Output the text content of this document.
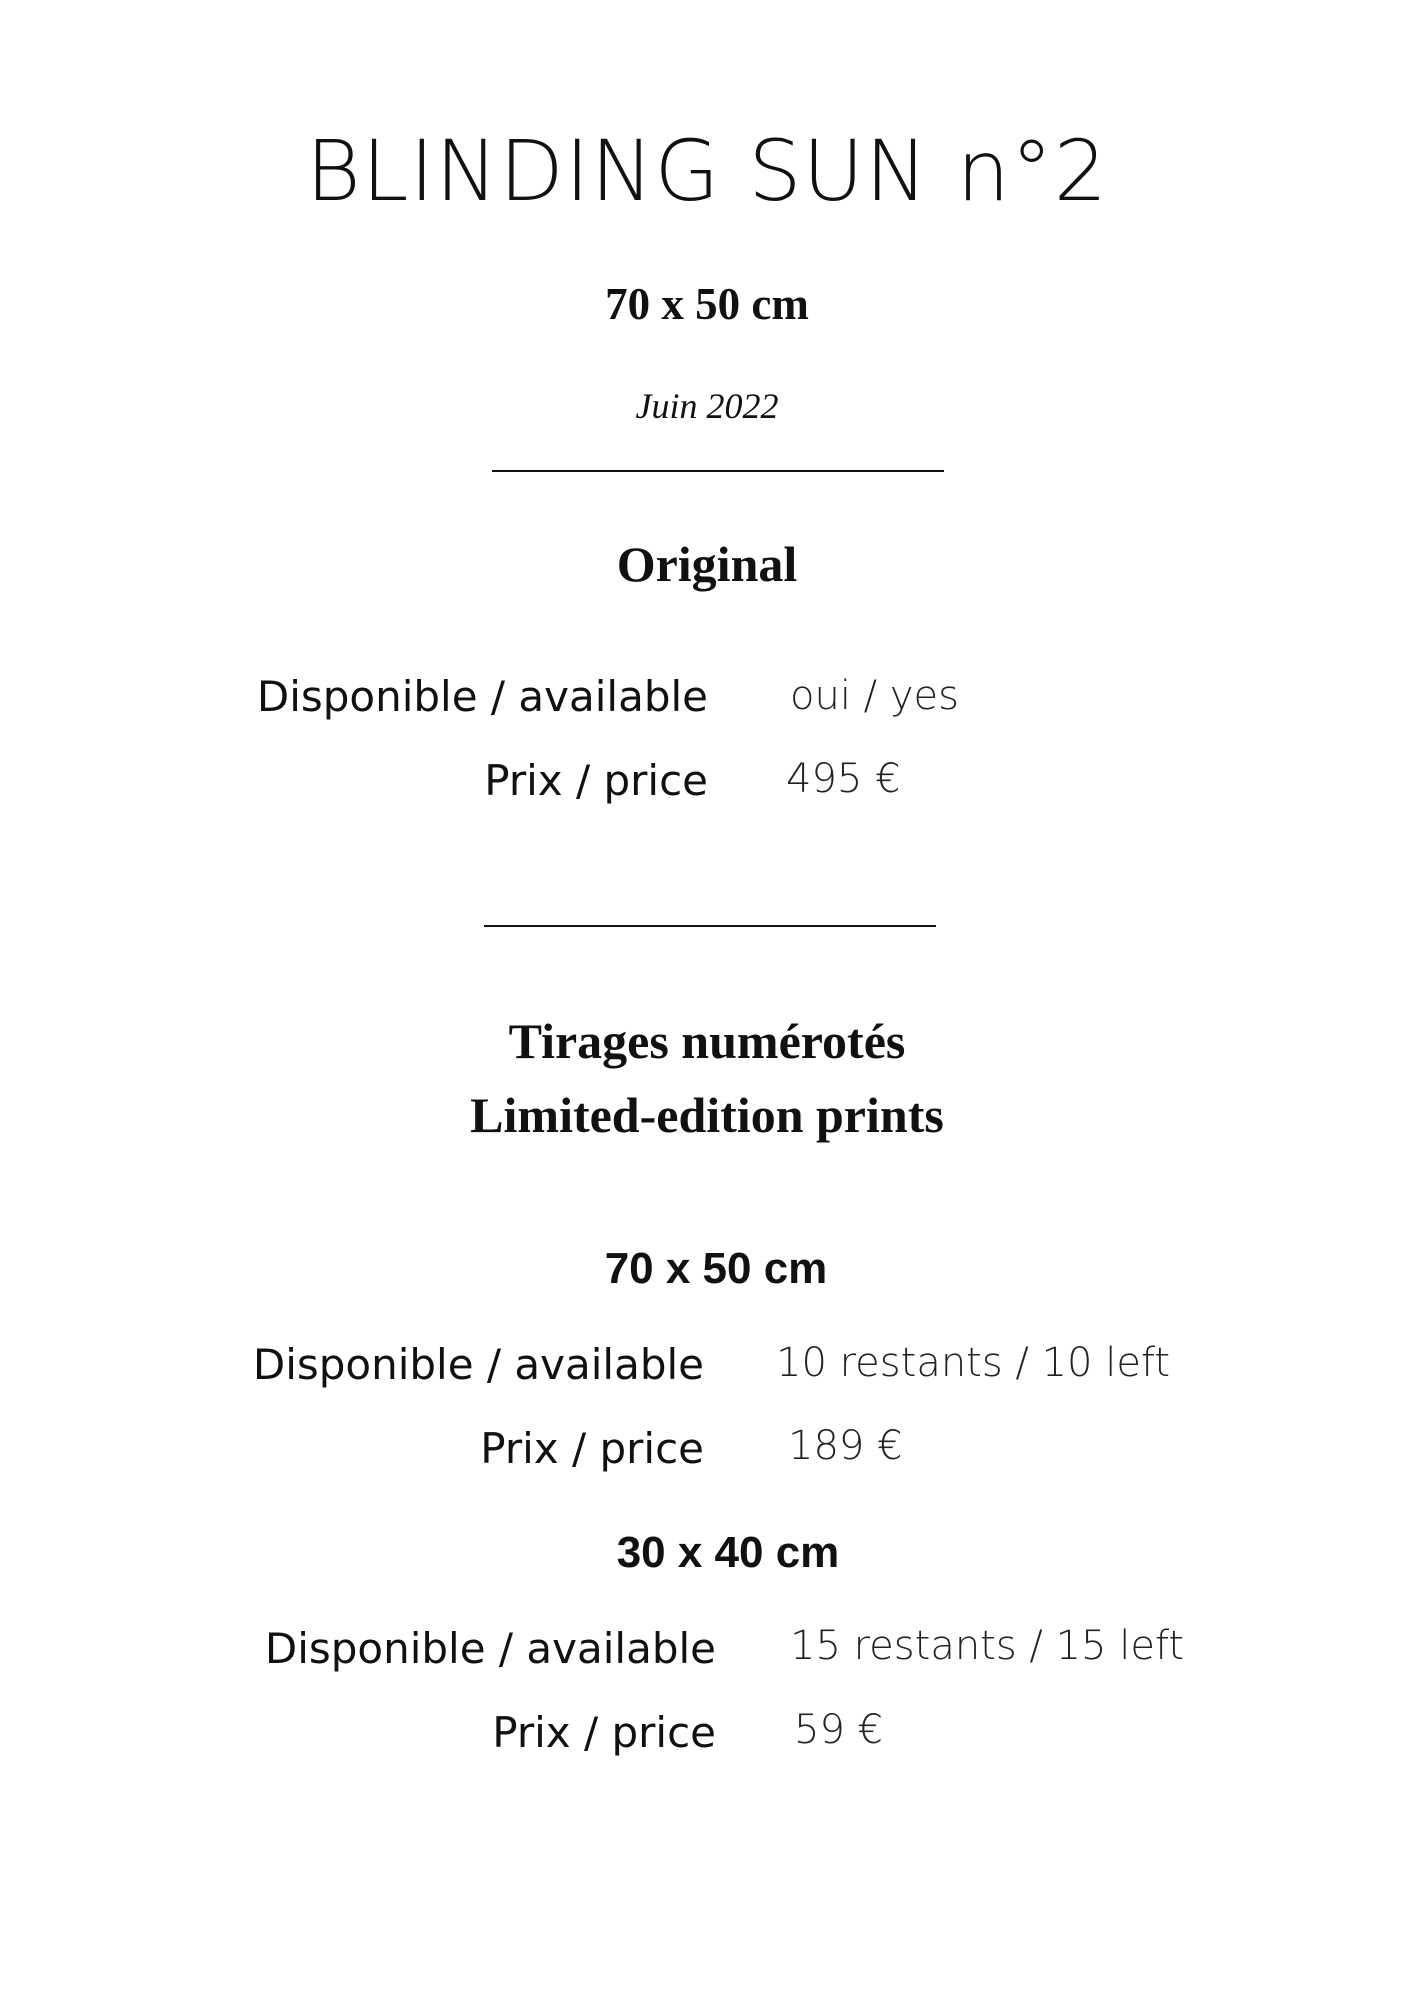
BLINDING SUN n°2
70 x 50 cm
Juin 2022
Original
Disponible / available oui / yes
Prix / price 495 €
Tirages numérotés
Limited-edition prints
70 x 50 cm
Disponible / available 10 restants / 10 left
Prix / price 189 €
30 x 40 cm
Disponible / available 15 restants / 15 left
Prix / price 59 €
